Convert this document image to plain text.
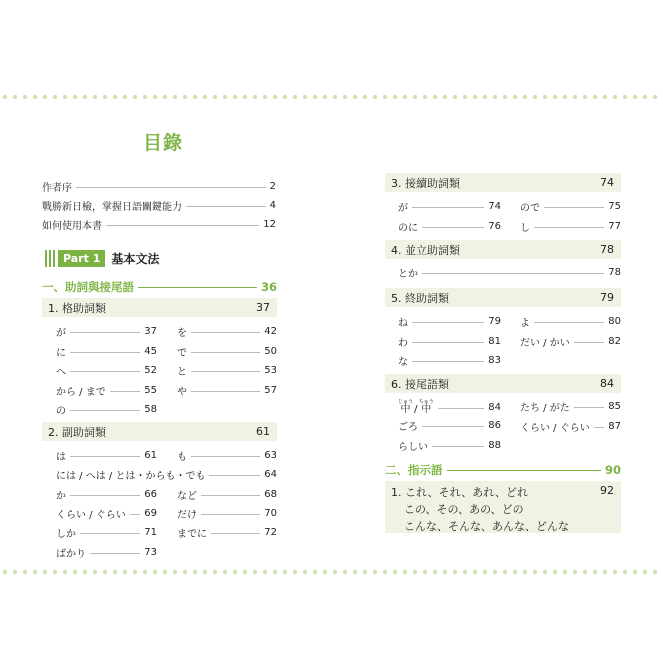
目錄
作者序	2
戰勝新日檢，掌握日語關鍵能力	4
如何使用本書	12
Part 1 基本文法
一、助詞與接尾語	36
1. 格助詞類	37
2. 副助詞類	61
3. 接續助詞類	74
4. 並立助詞類	78
5. 終助詞類	79
6. 接尾語類	84
中じゅう / 中ちゅう	84
二、指示語	90
1. これ、それ、あれ、どれ	92
この、その、あの、どの
こんな、そんな、あんな、どんな
が	37
に	45
へ	52
から / まで	55
の	58
を	42
で	50
と	53
や	57
は	61
には / へは / とは・からも・でも	64
か	66
くらい / ぐらい 69
しか	71
ばかり	73
も	63
など	68
だけ	70
までに	72
が	74
のに	76
ので	75
し	77
とか	78
ね	79
わ	81
な	83
よ	80
だい / かい	82
ごろ	86
らしい	88
たち / がた	85
くらい / ぐらい 87
